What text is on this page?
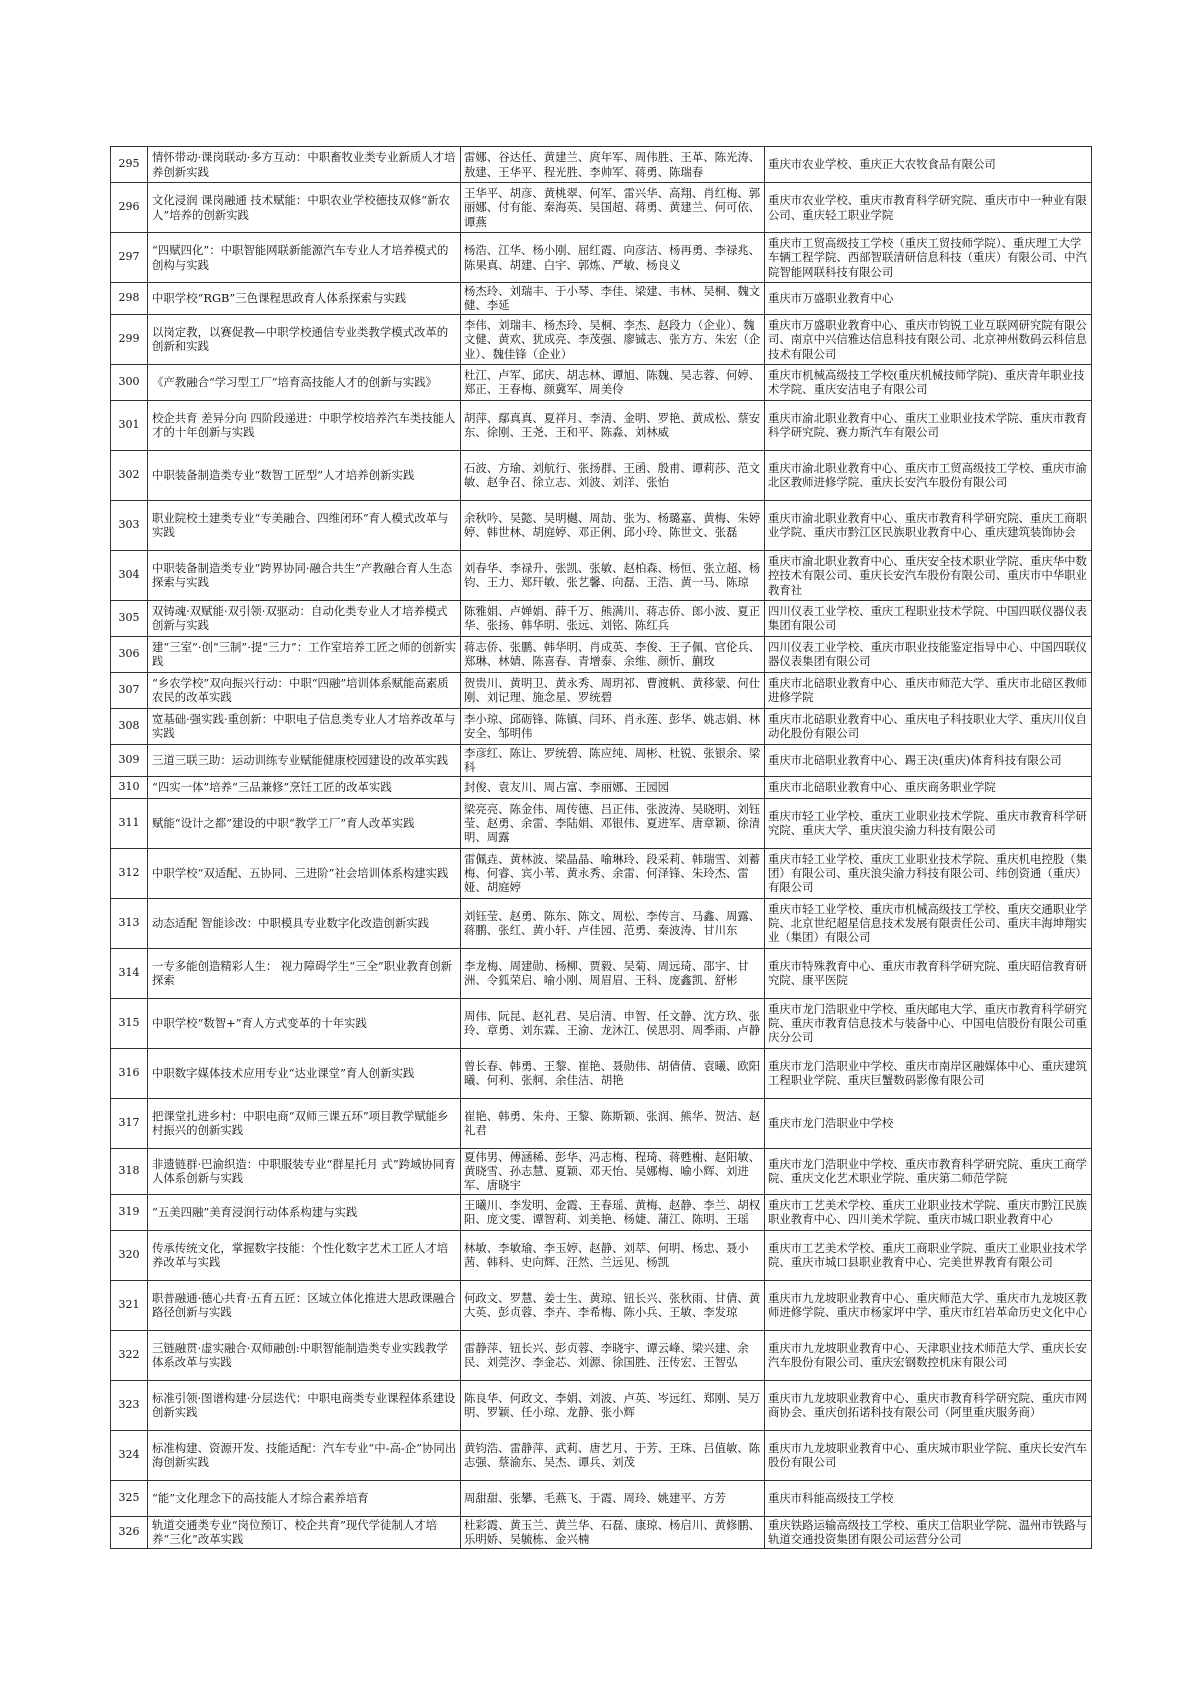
295	情怀带动·课岗联动·多方互动：中职畜牧业类专业新质人才培养创新实践	雷娜、谷达任、黄建兰、庹年军、周伟胜、王革、陈光涛、敖建、王华平、程光胜、李帅军、蒋勇、陈瑞春	重庆市农业学校、重庆正大农牧食品有限公司
296	文化浸润 课岗融通 技术赋能：中职农业学校德技双修“新农人”培养的创新实践	王华平、胡彦、黄桃翠、何军、雷兴华、高翔、肖红梅、郭丽娜、付有能、秦海英、吴国超、蒋勇、黄建兰、何可依、谭燕	重庆市农业学校、重庆市教育科学研究院、重庆市中一种业有限公司、重庆轻工职业学院
297	“四赋四化”：中职智能网联新能源汽车专业人才培养模式的创构与实践	杨浩、江华、杨小刚、屈红霞、向彦洁、杨再勇、李禄兆、陈果真、胡建、白宇、郭炼、严敏、杨良义	重庆市工贸高级技工学校（重庆工贸技师学院）、重庆理工大学车辆工程学院、西部智联清研信息科技（重庆）有限公司、中汽院智能网联科技有限公司
298	中职学校“RGB”三色课程思政育人体系探索与实践	杨杰玲、刘瑞丰、于小琴、李佳、梁建、韦林、吴桐、魏文健、李延	重庆市万盛职业教育中心
299	以岗定教，以赛促教—中职学校通信专业类教学模式改革的创新和实践	李伟、刘瑞丰、杨杰玲、吴桐、李杰、赵段力（企业）、魏文健、黄欢、犹成亮、李茂强、廖铖志、张方方、朱宏（企业）、魏佳锋（企业）	重庆市万盛职业教育中心、重庆市钧锐工业互联网研究院有限公司、南京中兴信雅达信息科技有限公司、北京神州数码云科信息技术有限公司
300	《产教融合“学习型工厂”培育高技能人才的创新与实践》	杜江、卢军、邱庆、胡志林、谭旭、陈魏、吴志蓉、何婷、郑正、王春梅、颜冀军、周美伶	重庆市机械高级技工学校(重庆机械技师学院)、重庆青年职业技术学院、重庆安洁电子有限公司
301	校企共育 差异分向 四阶段递进：中职学校培养汽车类技能人才的十年创新与实践	胡萍、鄢真真、夏祥月、李清、金明、罗艳、黄成松、蔡安东、徐刚、王尧、王和平、陈淼、刘林威	重庆市渝北职业教育中心、重庆工业职业技术学院、重庆市教育科学研究院、赛力斯汽车有限公司
302	中职装备制造类专业“数智工匠型”人才培养创新实践	石波、方瑜、刘航行、张扬群、王函、殷甫、谭莉莎、范文敏、赵争召、徐立志、刘波、刘洋、张怡	重庆市渝北职业教育中心、重庆市工贸高级技工学校、重庆市渝北区教师进修学院、重庆长安汽车股份有限公司
303	职业院校土建类专业“专美融合、四维闭环”育人模式改革与实践	余秋吟、吴懿、吴明樾、周劼、张为、杨璐嘉、黄梅、朱婷婷、韩世林、胡庭婷、邓正俐、邱小玲、陈世文、张磊	重庆市渝北职业教育中心、重庆市教育科学研究院、重庆工商职业学院、重庆市黔江区民族职业教育中心、重庆建筑装饰协会
304	中职装备制造类专业“跨界协同·融合共生”产教融合育人生态探索与实践	刘春华、李禄升、张凯、张敏、赵柏森、杨恒、张立超、杨钧、王力、郑玕敏、张艺馨、向磊、王浩、黄一马、陈琼	重庆市渝北职业教育中心、重庆安全技术职业学院、重庆华中数控技术有限公司、重庆长安汽车股份有限公司、重庆市中华职业教育社
305	双铸魂·双赋能·双引领·双驱动：自动化类专业人才培养模式创新与实践	陈雅娟、卢婵娟、薛千万、熊满川、蒋志侨、郎小波、夏正华、张扬、韩华明、张远、刘铭、陈红兵	四川仪表工业学校、重庆工程职业技术学院、中国四联仪器仪表集团有限公司
306	建“三室”·创“三制”·提“三力”：工作室培养工匠之师的创新实践	蒋志侨、张鹏、韩华明、肖成英、李俊、王子佩、官伦兵、郑琳、林婧、陈喜春、青增泰、余维、颜忻、蒯玫	四川仪表工业学校、重庆市职业技能鉴定指导中心、中国四联仪器仪表集团有限公司
307	“乡农学校”双向振兴行动：中职“四融”培训体系赋能高素质农民的改革实践	贺贵川、黄明卫、黄永秀、周玥祁、曹渡帆、黄移蒙、何仕刚、刘记理、施念星、罗统碧	重庆市北碚职业教育中心、重庆市师范大学、重庆市北碚区教师进修学院
308	宽基础·强实践·重创新：中职电子信息类专业人才培养改革与实践	李小琼、邱砺锋、陈镇、闫环、肖永莲、彭华、姚志娟、林安全、邹明伟	重庆市北碚职业教育中心、重庆电子科技职业大学、重庆川仪自动化股份有限公司
309	三道三联三助：运动训练专业赋能健康校园建设的改革实践	李彦红、陈让、罗统碧、陈应纯、周彬、杜锐、张银余、梁科	重庆市北碚职业教育中心、踢王决(重庆)体育科技有限公司
310	“四实一体”培养“三品兼修”烹饪工匠的改革实践	封俊、袁友川、周占富、李丽娜、王园园	重庆市北碚职业教育中心、重庆商务职业学院
311	赋能“设计之都”建设的中职“教学工厂”育人改革实践	梁亮亮、陈金伟、周传德、吕正伟、张波涛、吴晓明、刘钰莹、赵勇、余雷、李陆娟、邓银伟、夏进军、唐章颖、徐清明、周露	重庆市轻工业学校、重庆工业职业技术学院、重庆市教育科学研究院、重庆大学、重庆浪尖渝力科技有限公司
312	中职学校“双适配、五协同、三进阶”社会培训体系构建实践	雷佩垚、黄林波、梁晶晶、喻琳玲、段采莉、韩瑞雪、刘蓄梅、何睿、宾小苇、黄永秀、余雷、何泽锋、朱玲杰、雷娅、胡庭婷	重庆市轻工业学校、重庆工业职业技术学院、重庆机电控股（集团）有限公司、重庆浪尖渝力科技有限公司、纬创资通（重庆）有限公司
313	动态适配 智能诊改：中职模具专业数字化改造创新实践	刘钰莹、赵勇、陈东、陈文、周松、李传言、马鑫、周露、蒋鹏、张红、黄小轩、卢佳园、范勇、秦波涛、甘川东	重庆市轻工业学校、重庆市机械高级技工学校、重庆交通职业学院、北京世纪超星信息技术发展有限责任公司、重庆丰海坤翔实业（集团）有限公司
314	一专多能创造精彩人生： 视力障碍学生“三全”职业教育创新探索	李龙梅、周建勋、杨柳、贾毅、吴菊、周远琦、邵宇、甘洲、令狐荣启、喻小刚、周眉眉、王科、庞鑫凯、舒彬	重庆市特殊教育中心、重庆市教育科学研究院、重庆昭信教育研究院、康平医院
315	中职学校“数智+”育人方式变革的十年实践	周伟、阮昆、赵礼君、吴启清、申智、任文静、沈方玖、张玲、章勇、刘东霖、王渝、龙沐江、侯思羽、周季雨、卢静	重庆市龙门浩职业中学校、重庆邮电大学、重庆市教育科学研究院、重庆市教育信息技术与装备中心、中国电信股份有限公司重庆分公司
316	中职数字媒体技术应用专业“达业课堂”育人创新实践	曾长春、韩勇、王黎、崔艳、聂勋伟、胡倩倩、袁曦、欧阳曦、何利、张舸、余佳洁、胡艳	重庆市龙门浩职业中学校、重庆市南岸区融媒体中心、重庆建筑工程职业学院、重庆巨蟹数码影像有限公司
317	把课堂扎进乡村：中职电商“双师三课五环”项目教学赋能乡村振兴的创新实践	崔艳、韩勇、朱舟、王黎、陈斯颖、张润、熊华、贺洁、赵礼君	重庆市龙门浩职业中学校
318	非遗链群·巴渝织造：中职服装专业“群星托月 式”跨域协同育人体系创新与实践	夏伟男、傅涵稀、彭华、冯志梅、程琦、蒋甦榭、赵阳敏、黄晓雪、孙志慧、夏颖、邓天怡、吴娜梅、喻小辉、刘进军、唐晓宇	重庆市龙门浩职业中学校、重庆市教育科学研究院、重庆工商学院、重庆文化艺术职业学院、重庆第二师范学院
319	“五美四融”美育浸润行动体系构建与实践	王曦川、李发明、金霞、王春瑶、黄梅、赵静、李兰、胡权阳、庞文雯、谭智莉、刘美艳、杨婕、蒲江、陈明、王瑶	重庆市工艺美术学校、重庆工业职业技术学院、重庆市黔江民族职业教育中心、四川美术学院、重庆市城口职业教育中心
320	传承传统文化，掌握数字技能：个性化数字艺术工匠人才培养改革与实践	林敏、李敏瑜、李玉婷、赵静、刘萃、何明、杨忠、聂小茜、韩科、史向辉、汪然、兰远见、杨凯	重庆市工艺美术学校、重庆工商职业学院、重庆工业职业技术学院、重庆市城口县职业教育中心、完美世界教育有限公司
321	职普融通·德心共育·五育五匠：区域立体化推进大思政课融合路径创新与实践	何政文、罗慧、姜士生、黄琼、钮长兴、张秋雨、甘倩、黄大英、彭贞蓉、李卉、李希梅、陈小兵、王敏、李发琼	重庆市九龙坡职业教育中心、重庆师范大学、重庆市九龙坡区教师进修学院、重庆市杨家坪中学、重庆市红岩革命历史文化中心
322	三链融贯·虚实融合·双师融创:中职智能制造类专业实践教学体系改革与实践	雷静萍、钮长兴、彭贞蓉、李晓宇、谭云峰、梁兴建、余民、刘莞汐、李金芯、刘源、徐国胜、汪传宏、王智弘	重庆市九龙坡职业教育中心、天津职业技术师范大学、重庆长安汽车股份有限公司、重庆宏钢数控机床有限公司
323	标准引领·图谱构建·分层迭代：中职电商类专业课程体系建设创新实践	陈良华、何政文、李娟、刘波、卢英、岑远红、郑刚、吴万明、罗颖、任小琼、龙静、张小辉	重庆市九龙坡职业教育中心、重庆市教育科学研究院、重庆市网商协会、重庆创拓诺科技有限公司（阿里重庆服务商）
324	标准构建、资源开发、技能适配：汽车专业“中-高-企”协同出海创新实践	黄钧浩、雷静萍、武莉、唐艺月、于芳、王珠、吕值敏、陈志强、蔡渝东、吴杰、谭兵、刘茂	重庆市九龙坡职业教育中心、重庆城市职业学院、重庆长安汽车股份有限公司
325	“能”文化理念下的高技能人才综合素养培育	周甜甜、张攀、毛燕飞、于霞、周玲、姚建平、方芳	重庆市科能高级技工学校
326	轨道交通类专业“岗位预订、校企共育”现代学徒制人才培养“三化”改革实践	杜彩霞、黄玉兰、黄兰华、石磊、康琼、杨启川、黄修鹏、乐明娇、吴毓栋、金兴楠	重庆铁路运输高级技工学校、重庆工信职业学院、温州市铁路与轨道交通投资集团有限公司运营分公司
